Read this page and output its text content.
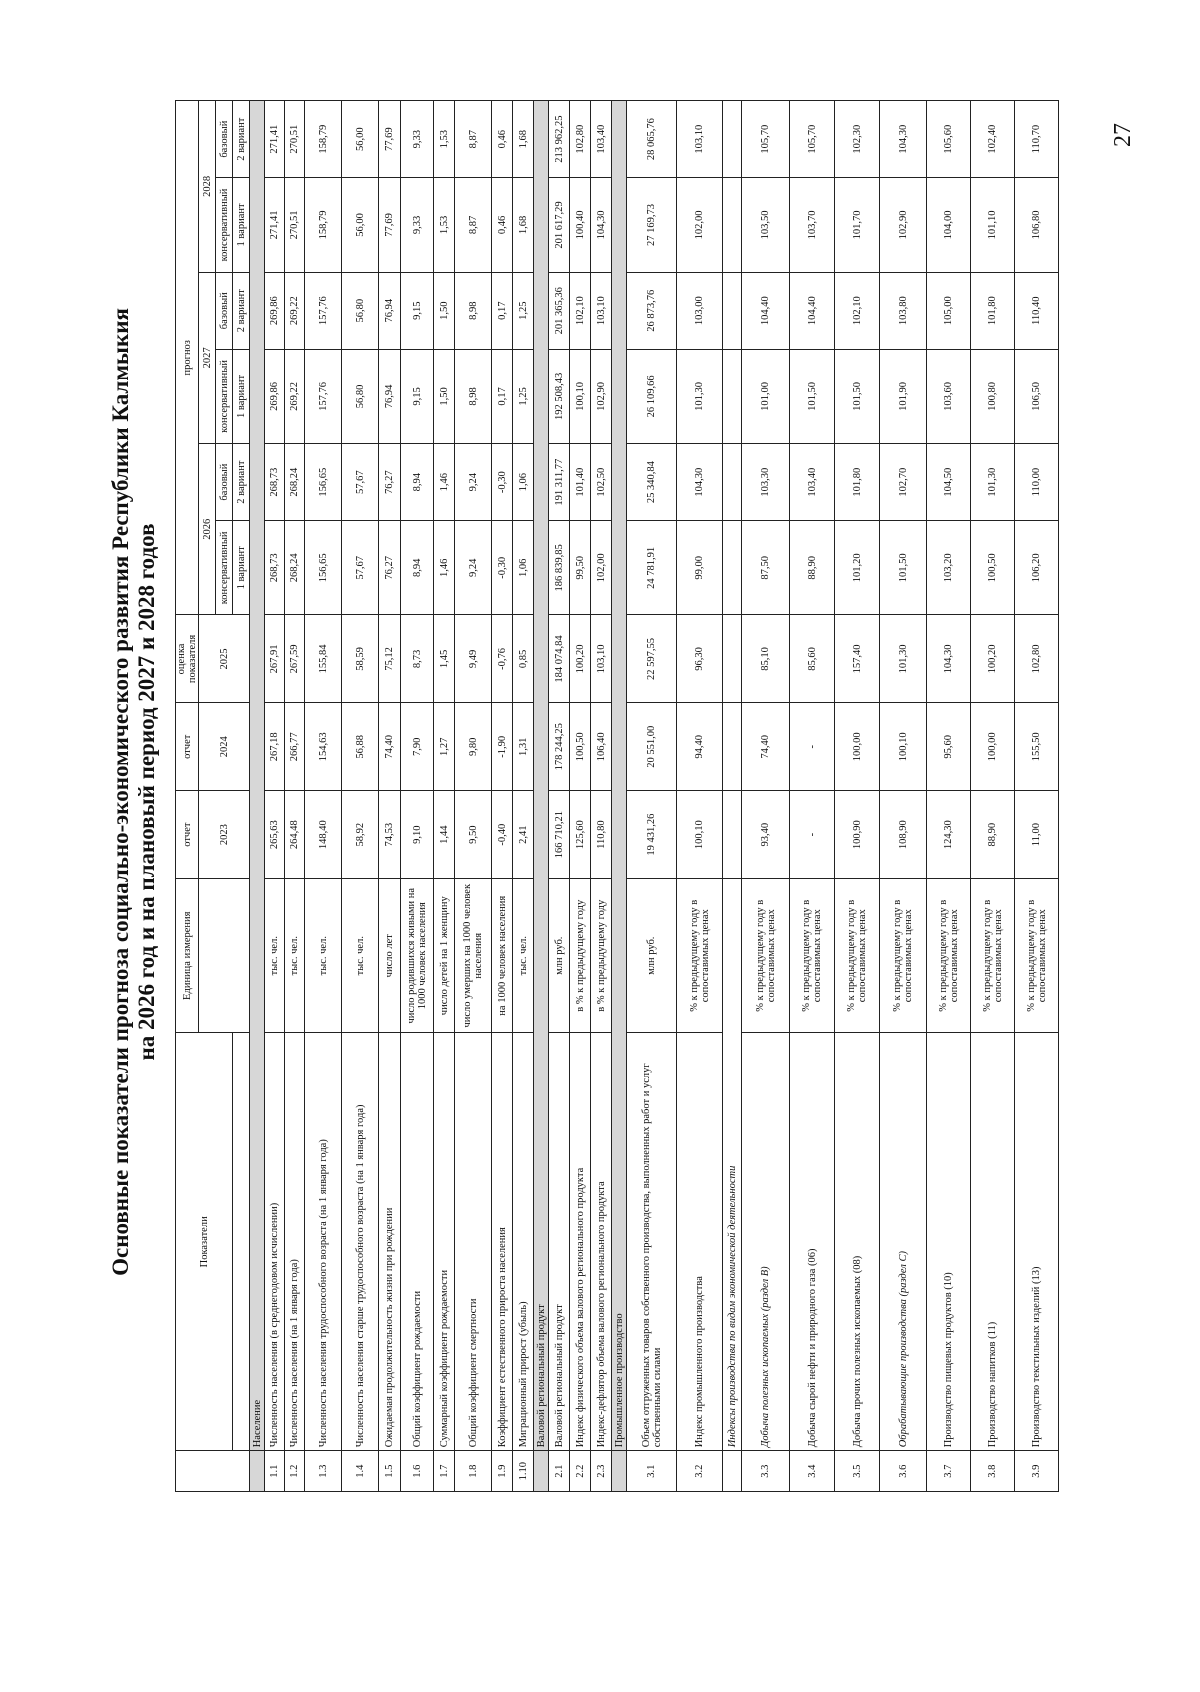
Основные показатели прогноза социально-экономического развития Республики Калмыкия на 2026 год и на плановый период 2027 и 2028 годов
	Показатели	Единица измерения	отчет	отчет	оценка показателя	прогноз					
			2023	2024	2025	2026		2027		2028	
						консервативный	базовый	консервативный	базовый	консервативный	базовый
						1 вариант	2 вариант	1 вариант	2 вариант	1 вариант	2 вариант
	Население										
1.1	Численность населения (в среднегодовом исчислении)	тыс. чел.	265,63	267,18	267,91	268,73	268,73	269,86	269,86	271,41	271,41
1.2	Численность населения (на 1 января года)	тыс. чел.	264,48	266,77	267,59	268,24	268,24	269,22	269,22	270,51	270,51
1.3	Численность населения трудоспособного возраста (на 1 января года)	тыс. чел.	148,40	154,63	155,84	156,65	156,65	157,76	157,76	158,79	158,79
1.4	Численность населения старше трудоспособного возраста (на 1 января года)	тыс. чел.	58,92	56,88	58,59	57,67	57,67	56,80	56,80	56,00	56,00
1.5	Ожидаемая продолжительность жизни при рождении	число лет	74,53	74,40	75,12	76,27	76,27	76,94	76,94	77,69	77,69
1.6	Общий коэффициент рождаемости	число родившихся живыми на 1000 человек населения	9,10	7,90	8,73	8,94	8,94	9,15	9,15	9,33	9,33
1.7	Суммарный коэффициент рождаемости	число детей на 1 женщину	1,44	1,27	1,45	1,46	1,46	1,50	1,50	1,53	1,53
1.8	Общий коэффициент смертности	число умерших на 1000 человек населения	9,50	9,80	9,49	9,24	9,24	8,98	8,98	8,87	8,87
1.9	Коэффициент естественного прироста населения	на 1000 человек населения	-0,40	-1,90	-0,76	-0,30	-0,30	0,17	0,17	0,46	0,46
1.10	Миграционный прирост (убыль)	тыс. чел.	2,41	1,31	0,85	1,06	1,06	1,25	1,25	1,68	1,68
	Валовой региональный продукт										
2.1	Валовой региональный продукт	млн руб.	166 710,21	178 244,25	184 074,84	186 839,85	191 311,77	192 508,43	201 365,36	201 617,29	213 962,25
2.2	Индекс физического объема валового регионального продукта	в % к предыдущему году	125,60	100,50	100,20	99,50	101,40	100,10	102,10	100,40	102,80
2.3	Индекс-дефлятор объема валового регионального продукта	в % к предыдущему году	110,80	106,40	103,10	102,00	102,50	102,90	103,10	104,30	103,40
	Промышленное производство										
3.1	Объем отгруженных товаров собственного производства, выполненных работ и услуг собственными силами	млн руб.	19 431,26	20 551,00	22 597,55	24 781,91	25 340,84	26 109,66	26 873,76	27 169,73	28 065,76
3.2	Индекс промышленного производства	% к предыдущему году в сопоставимых ценах	100,10	94,40	96,30	99,00	104,30	101,30	103,00	102,00	103,10
	Индексы производства по видам экономической деятельности										
3.3	Добыча полезных ископаемых (раздел B)	% к предыдущему году в сопоставимых ценах	93,40	74,40	85,10	87,50	103,30	101,00	104,40	103,50	105,70
3.4	Добыча сырой нефти и природного газа (06)	% к предыдущему году в сопоставимых ценах	-	-	85,60	88,90	103,40	101,50	104,40	103,70	105,70
3.5	Добыча прочих полезных ископаемых (08)	% к предыдущему году в сопоставимых ценах	100,90	100,00	157,40	101,20	101,80	101,50	102,10	101,70	102,30
3.6	Обрабатывающие производства (раздел C)	% к предыдущему году в сопоставимых ценах	108,90	100,10	101,30	101,50	102,70	101,90	103,80	102,90	104,30
3.7	Производство пищевых продуктов (10)	% к предыдущему году в сопоставимых ценах	124,30	95,60	104,30	103,20	104,50	103,60	105,00	104,00	105,60
3.8	Производство напитков (11)	% к предыдущему году в сопоставимых ценах	88,90	100,00	100,20	100,50	101,30	100,80	101,80	101,10	102,40
3.9	Производство текстильных изделий (13)	% к предыдущему году в сопоставимых ценах	11,00	155,50	102,80	106,20	110,00	106,50	110,40	106,80	110,70	27
